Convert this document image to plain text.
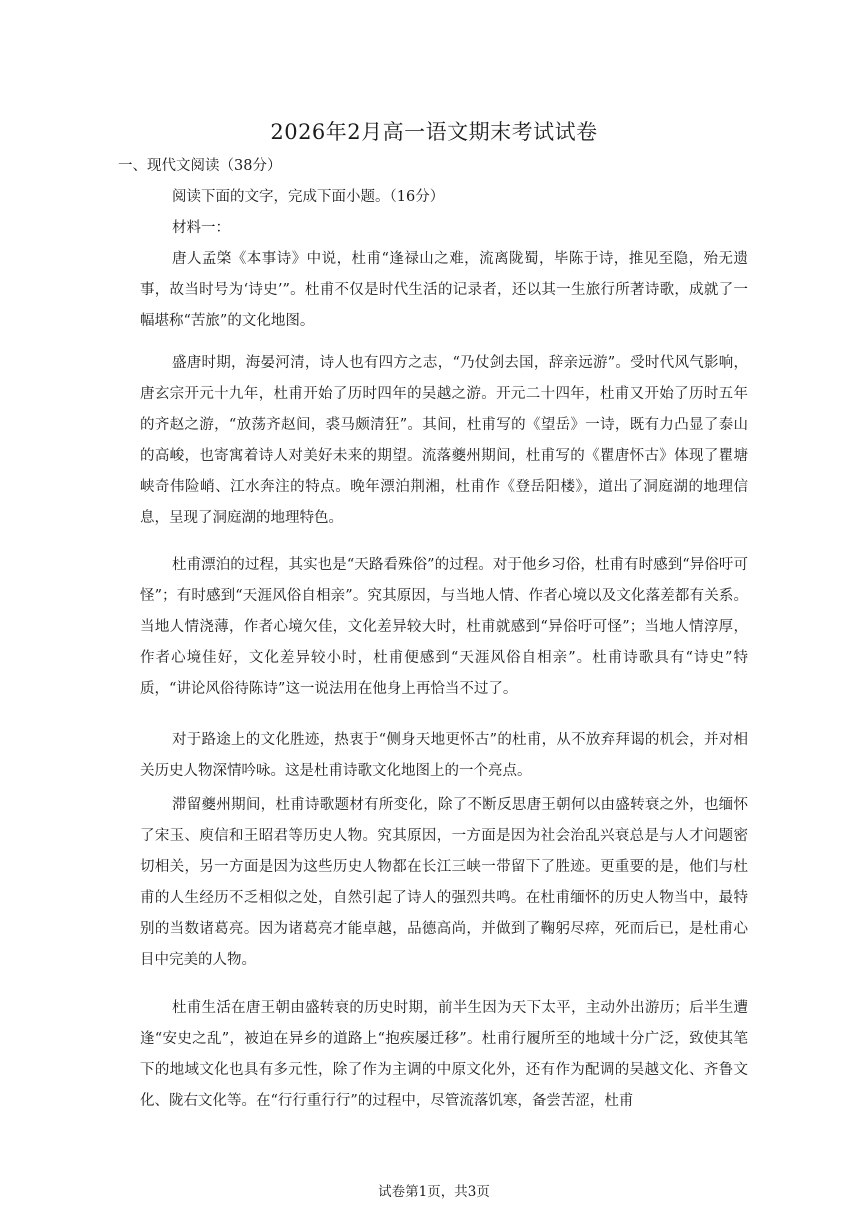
2026年2月高一语文期末考试试卷
一、现代文阅读（38分）
阅读下面的文字，完成下面小题。（16分）
材料一：
唐人孟棨《本事诗》中说，杜甫“逢禄山之难，流离陇蜀，毕陈于诗，推见至隐，殆无遗事，故当时号为‘诗史’”。杜甫不仅是时代生活的记录者，还以其一生旅行所著诗歌，成就了一幅堪称“苦旅”的文化地图。
盛唐时期，海晏河清，诗人也有四方之志，“乃仗剑去国，辞亲远游”。受时代风气影响，唐玄宗开元十九年，杜甫开始了历时四年的吴越之游。开元二十四年，杜甫又开始了历时五年的齐赵之游，“放荡齐赵间，裘马颇清狂”。其间，杜甫写的《望岳》一诗，既有力凸显了泰山的高峻，也寄寓着诗人对美好未来的期望。流落夔州期间，杜甫写的《瞿唐怀古》体现了瞿塘峡奇伟险峭、江水奔注的特点。晚年漂泊荆湘，杜甫作《登岳阳楼》，道出了洞庭湖的地理信息，呈现了洞庭湖的地理特色。
杜甫漂泊的过程，其实也是“天路看殊俗”的过程。对于他乡习俗，杜甫有时感到“异俗吁可怪”；有时感到“天涯风俗自相亲”。究其原因，与当地人情、作者心境以及文化落差都有关系。当地人情浇薄，作者心境欠佳，文化差异较大时，杜甫就感到“异俗吁可怪”；当地人情淳厚，作者心境佳好，文化差异较小时，杜甫便感到“天涯风俗自相亲”。杜甫诗歌具有“诗史”特质，“讲论风俗待陈诗”这一说法用在他身上再恰当不过了。
对于路途上的文化胜迹，热衷于“侧身天地更怀古”的杜甫，从不放弃拜谒的机会，并对相关历史人物深情吟咏。这是杜甫诗歌文化地图上的一个亮点。
滞留夔州期间，杜甫诗歌题材有所变化，除了不断反思唐王朝何以由盛转衰之外，也缅怀了宋玉、庾信和王昭君等历史人物。究其原因，一方面是因为社会治乱兴衰总是与人才问题密切相关，另一方面是因为这些历史人物都在长江三峡一带留下了胜迹。更重要的是，他们与杜甫的人生经历不乏相似之处，自然引起了诗人的强烈共鸣。在杜甫缅怀的历史人物当中，最特别的当数诸葛亮。因为诸葛亮才能卓越，品德高尚，并做到了鞠躬尽瘁，死而后已，是杜甫心目中完美的人物。
杜甫生活在唐王朝由盛转衰的历史时期，前半生因为天下太平，主动外出游历；后半生遭逢“安史之乱”，被迫在异乡的道路上“抱疾屡迁移”。杜甫行履所至的地域十分广泛，致使其笔下的地域文化也具有多元性，除了作为主调的中原文化外，还有作为配调的吴越文化、齐鲁文化、陇右文化等。在“行行重行行”的过程中，尽管流落饥寒，备尝苦涩，杜甫
试卷第1页，共3页
